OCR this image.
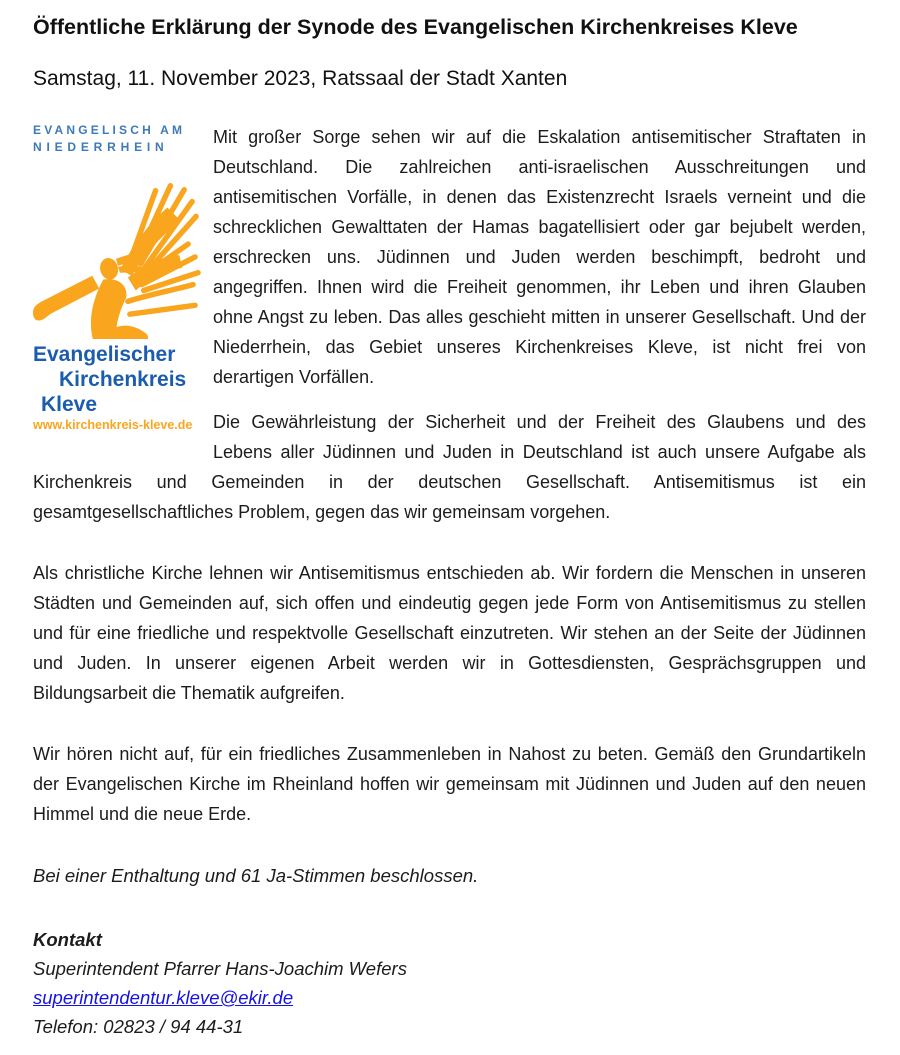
Öffentliche Erklärung der Synode des Evangelischen Kirchenkreises Kleve
Samstag, 11. November 2023, Ratssaal der Stadt Xanten
EVANGELISCH AM
NIEDERRHEIN
Evangelischer
Kirchenkreis
Kleve
www.kirchenkreis-kleve.de

Mit großer Sorge sehen wir auf die Eskalation antisemitischer Straftaten in Deutschland. Die zahlreichen anti-israelischen Ausschreitungen und antisemitischen Vorfälle, in denen das Existenzrecht Israels verneint und die schrecklichen Gewalttaten der Hamas bagatellisiert oder gar bejubelt werden, erschrecken uns. Jüdinnen und Juden werden beschimpft, bedroht und angegriffen. Ihnen wird die Freiheit genommen, ihr Leben und ihren Glauben ohne Angst zu leben. Das alles geschieht mitten in unserer Gesellschaft. Und der Niederrhein, das Gebiet unseres Kirchenkreises Kleve, ist nicht frei von derartigen Vorfällen.

Die Gewährleistung der Sicherheit und der Freiheit des Glaubens und des Lebens aller Jüdinnen und Juden in Deutschland ist auch unsere Aufgabe als Kirchenkreis und Gemeinden in der deutschen Gesellschaft. Antisemitismus ist ein gesamtgesellschaftliches Problem, gegen das wir gemeinsam vorgehen.

Als christliche Kirche lehnen wir Antisemitismus entschieden ab. Wir fordern die Menschen in unseren Städten und Gemeinden auf, sich offen und eindeutig gegen jede Form von Antisemitismus zu stellen und für eine friedliche und respektvolle Gesellschaft einzutreten. Wir stehen an der Seite der Jüdinnen und Juden. In unserer eigenen Arbeit werden wir in Gottesdiensten, Gesprächsgruppen und Bildungsarbeit die Thematik aufgreifen.

Wir hören nicht auf, für ein friedliches Zusammenleben in Nahost zu beten. Gemäß den Grundartikeln der Evangelischen Kirche im Rheinland hoffen wir gemeinsam mit Jüdinnen und Juden auf den neuen Himmel und die neue Erde.

Bei einer Enthaltung und 61 Ja-Stimmen beschlossen.
Kontakt
Superintendent Pfarrer Hans-Joachim Wefers
superintendentur.kleve@ekir.de
Telefon: 02823 / 94 44-31
